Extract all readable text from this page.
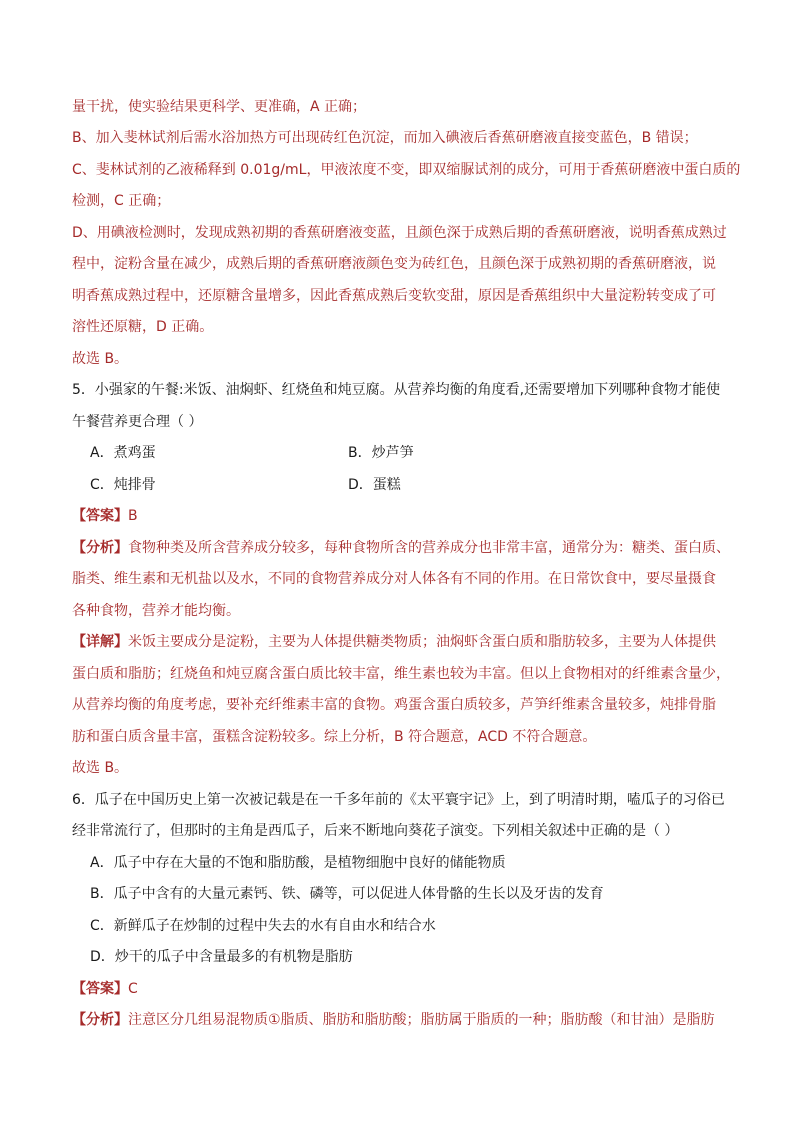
量干扰，使实验结果更科学、更准确，A 正确；
B、加入斐林试剂后需水浴加热方可出现砖红色沉淀，而加入碘液后香蕉研磨液直接变蓝色，B 错误；
C、斐林试剂的乙液稀释到 0.01g/mL，甲液浓度不变，即双缩脲试剂的成分，可用于香蕉研磨液中蛋白质的
检测，C 正确；
D、用碘液检测时，发现成熟初期的香蕉研磨液变蓝，且颜色深于成熟后期的香蕉研磨液，说明香蕉成熟过
程中，淀粉含量在减少，成熟后期的香蕉研磨液颜色变为砖红色，且颜色深于成熟初期的香蕉研磨液，说
明香蕉成熟过程中，还原糖含量增多，因此香蕉成熟后变软变甜，原因是香蕉组织中大量淀粉转变成了可
溶性还原糖，D 正确。
故选 B。
5．小强家的午餐:米饭、油焖虾、红烧鱼和炖豆腐。从营养均衡的角度看,还需要增加下列哪种食物才能使
午餐营养更合理（ ）
A．煮鸡蛋	B．炒芦笋
C．炖排骨	D．蛋糕
【答案】B
【分析】食物种类及所含营养成分较多，每种食物所含的营养成分也非常丰富，通常分为：糖类、蛋白质、
脂类、维生素和无机盐以及水，不同的食物营养成分对人体各有不同的作用。在日常饮食中，要尽量摄食
各种食物，营养才能均衡。
【详解】米饭主要成分是淀粉，主要为人体提供糖类物质；油焖虾含蛋白质和脂肪较多，主要为人体提供
蛋白质和脂肪；红烧鱼和炖豆腐含蛋白质比较丰富，维生素也较为丰富。但以上食物相对的纤维素含量少，
从营养均衡的角度考虑，要补充纤维素丰富的食物。鸡蛋含蛋白质较多，芦笋纤维素含量较多，炖排骨脂
肪和蛋白质含量丰富，蛋糕含淀粉较多。综上分析，B 符合题意，ACD 不符合题意。
故选 B。
6．瓜子在中国历史上第一次被记载是在一千多年前的《太平寰宇记》上，到了明清时期，嗑瓜子的习俗已
经非常流行了，但那时的主角是西瓜子，后来不断地向葵花子演变。下列相关叙述中正确的是（ ）
A．瓜子中存在大量的不饱和脂肪酸，是植物细胞中良好的储能物质
B．瓜子中含有的大量元素钙、铁、磷等，可以促进人体骨骼的生长以及牙齿的发育
C．新鲜瓜子在炒制的过程中失去的水有自由水和结合水
D．炒干的瓜子中含量最多的有机物是脂肪
【答案】C
【分析】注意区分几组易混物质①脂质、脂肪和脂肪酸；脂肪属于脂质的一种；脂肪酸（和甘油）是脂肪
